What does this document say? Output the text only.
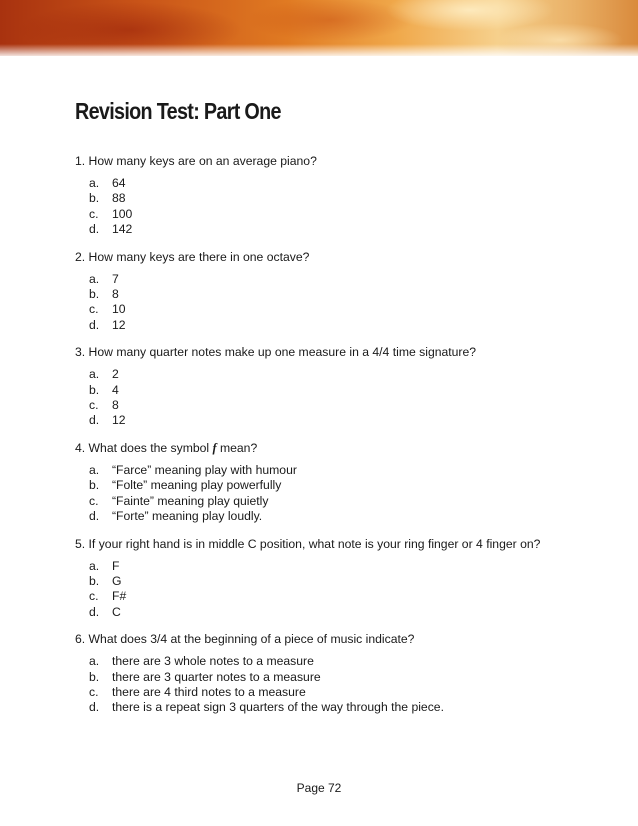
Revision Test: Part One

1. How many keys are on an average piano?

a. 64
b. 88
c. 100
d. 142

2. How many keys are there in one octave?

a. 7
b. 8
c. 10
d. 12

3. How many quarter notes make up one measure in a 4/4 time signature?

a. 2
b. 4
c. 8
d. 12

4. What does the symbol f mean?

a. “Farce” meaning play with humour
b. “Folte” meaning play powerfully
c. “Fainte” meaning play quietly
d. “Forte” meaning play loudly.

5. If your right hand is in middle C position, what note is your ring finger or 4 finger on?

a. F
b. G
c. F#
d. C

6. What does 3/4 at the beginning of a piece of music indicate?

a. there are 3 whole notes to a measure
b. there are 3 quarter notes to a measure
c. there are 4 third notes to a measure
d. there is a repeat sign 3 quarters of the way through the piece.
Page 72
